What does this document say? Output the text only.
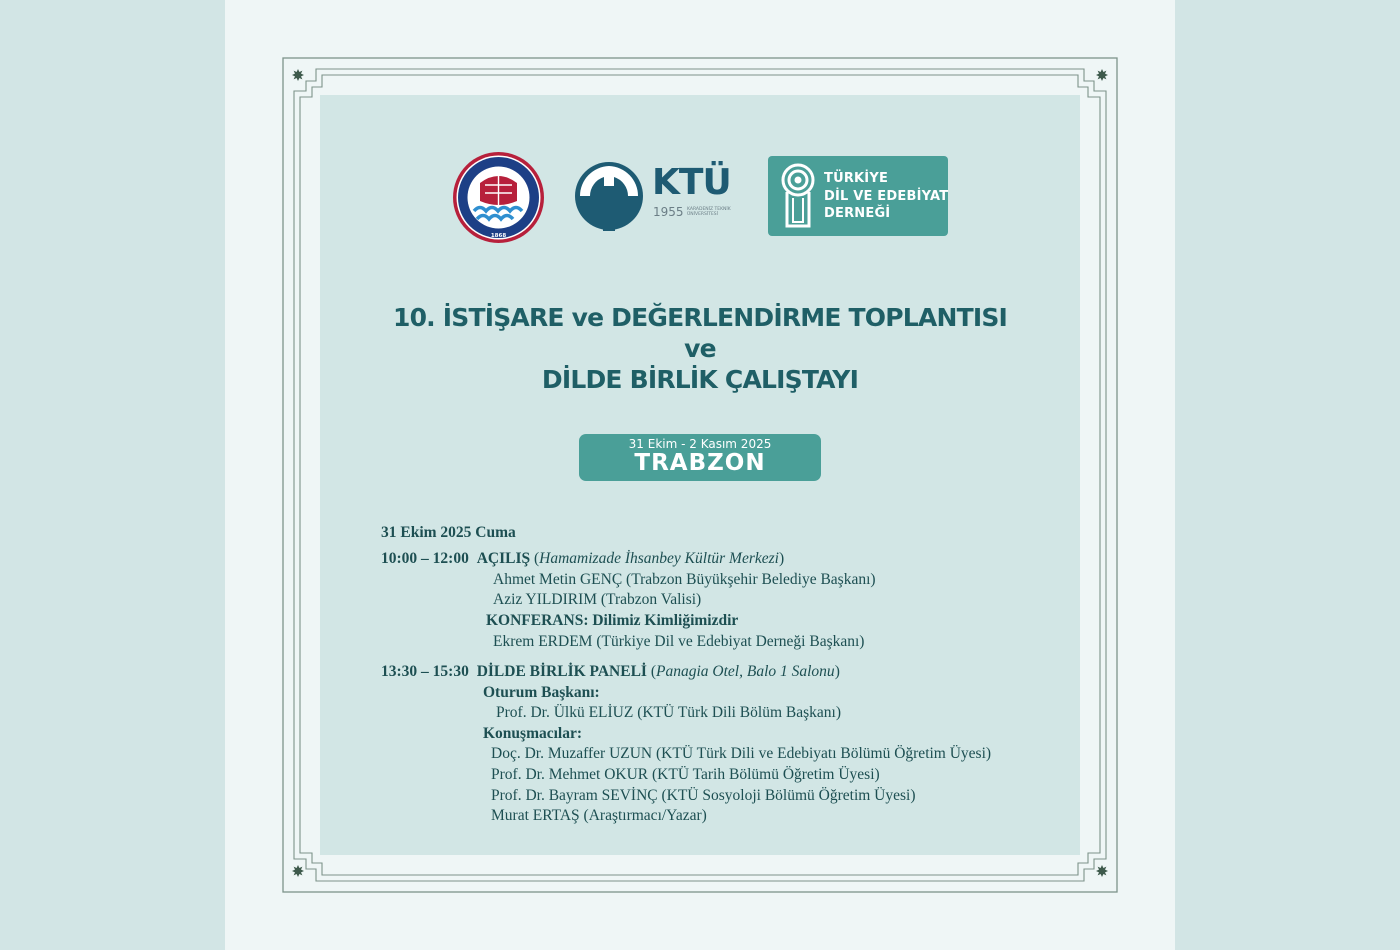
1868
KTÜ
1955 KARADENİZ TEKNİK ÜNİVERSİTESİ
TÜRKİYE
DİL VE EDEBİYAT
DERNEĞİ
10. İSTİŞARE ve DEĞERLENDİRME TOPLANTISI
ve
DİLDE BİRLİK ÇALIŞTAYI
31 Ekim - 2 Kasım 2025
TRABZON
31 Ekim 2025 Cuma
10:00 – 12:00 AÇILIŞ (Hamamizade İhsanbey Kültür Merkezi)
Ahmet Metin GENÇ (Trabzon Büyükşehir Belediye Başkanı)
Aziz YILDIRIM (Trabzon Valisi)
KONFERANS: Dilimiz Kimliğimizdir
Ekrem ERDEM (Türkiye Dil ve Edebiyat Derneği Başkanı)
13:30 – 15:30 DİLDE BİRLİK PANELİ (Panagia Otel, Balo 1 Salonu)
Oturum Başkanı:
Prof. Dr. Ülkü ELİUZ (KTÜ Türk Dili Bölüm Başkanı)
Konuşmacılar:
Doç. Dr. Muzaffer UZUN (KTÜ Türk Dili ve Edebiyatı Bölümü Öğretim Üyesi)
Prof. Dr. Mehmet OKUR (KTÜ Tarih Bölümü Öğretim Üyesi)
Prof. Dr. Bayram SEVİNÇ (KTÜ Sosyoloji Bölümü Öğretim Üyesi)
Murat ERTAŞ (Araştırmacı/Yazar)
